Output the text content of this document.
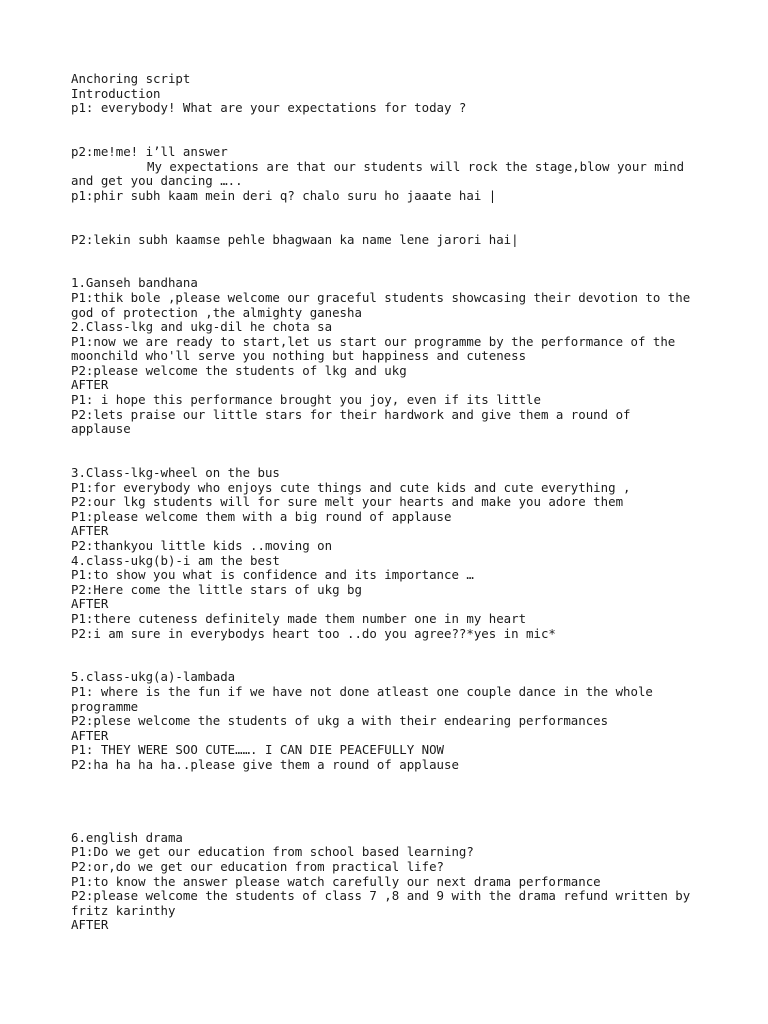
Anchoring script
Introduction
p1: everybody! What are your expectations for today ?
p2:me!me! i’ll answer
My expectations are that our students will rock the stage,blow your mind
and get you dancing …..
p1:phir subh kaam mein deri q? chalo suru ho jaaate hai |
P2:lekin subh kaamse pehle bhagwaan ka name lene jarori hai|
1.Ganseh bandhana
P1:thik bole ,please welcome our graceful students showcasing their devotion to the
god of protection ,the almighty ganesha
2.Class-lkg and ukg-dil he chota sa
P1:now we are ready to start,let us start our programme by the performance of the
moonchild who'll serve you nothing but happiness and cuteness
P2:please welcome the students of lkg and ukg
AFTER
P1: i hope this performance brought you joy, even if its little
P2:lets praise our little stars for their hardwork and give them a round of
applause
3.Class-lkg-wheel on the bus
P1:for everybody who enjoys cute things and cute kids and cute everything ,
P2:our lkg students will for sure melt your hearts and make you adore them
P1:please welcome them with a big round of applause
AFTER
P2:thankyou little kids ..moving on
4.class-ukg(b)-i am the best
P1:to show you what is confidence and its importance …
P2:Here come the little stars of ukg bg
AFTER
P1:there cuteness definitely made them number one in my heart
P2:i am sure in everybodys heart too ..do you agree??*yes in mic*
5.class-ukg(a)-lambada
P1: where is the fun if we have not done atleast one couple dance in the whole
programme
P2:plese welcome the students of ukg a with their endearing performances
AFTER
P1: THEY WERE SOO CUTE……. I CAN DIE PEACEFULLY NOW
P2:ha ha ha ha..please give them a round of applause
6.english drama
P1:Do we get our education from school based learning?
P2:or,do we get our education from practical life?
P1:to know the answer please watch carefully our next drama performance
P2:please welcome the students of class 7 ,8 and 9 with the drama refund written by
fritz karinthy
AFTER
